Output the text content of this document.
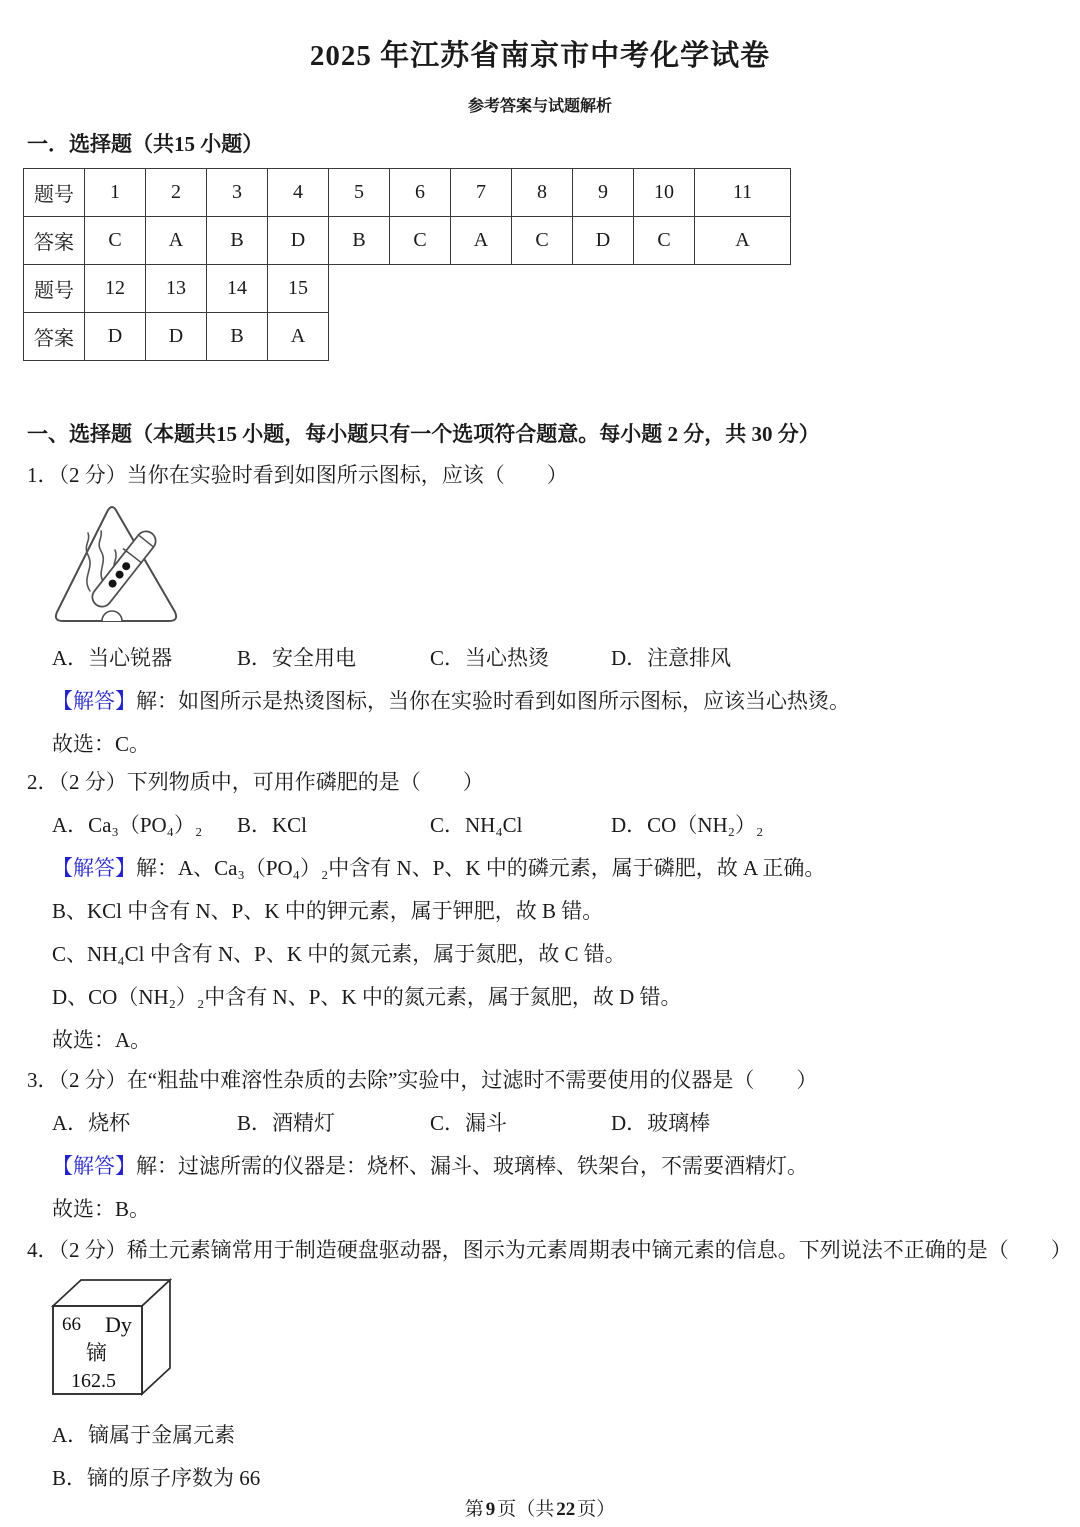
2025 年江苏省南京市中考化学试卷
参考答案与试题解析
一．选择题（共15 小题）
题号	1	2	3	4	5	6	7	8	9	10	11
答案	C	A	B	D	B	C	A	C	D	C	A
题号	12	13	14	15
答案	D	D	B	A
一、选择题（本题共15 小题，每小题只有一个选项符合题意。每小题 2 分，共 30 分）
1．（2 分）当你在实验时看到如图所示图标，应该（　　）
A．当心锐器	B．安全用电	C．当心热烫	D．注意排风
【解答】解：如图所示是热烫图标，当你在实验时看到如图所示图标，应该当心热烫。
故选：C。
2．（2 分）下列物质中，可用作磷肥的是（　　）
A．Ca₃（PO₄）₂ B．KCl	C．NH₄Cl	D．CO（NH₂）₂
【解答】解：A、Ca₃（PO₄）₂中含有 N、P、K 中的磷元素，属于磷肥，故 A 正确。
B、KCl 中含有 N、P、K 中的钾元素，属于钾肥，故 B 错。
C、NH₄Cl 中含有 N、P、K 中的氮元素，属于氮肥，故 C 错。
D、CO（NH₂）₂中含有 N、P、K 中的氮元素，属于氮肥，故 D 错。
故选：A。
3．（2 分）在“粗盐中难溶性杂质的去除”实验中，过滤时不需要使用的仪器是（　　）
A．烧杯	B．酒精灯	C．漏斗	D．玻璃棒
【解答】解：过滤所需的仪器是：烧杯、漏斗、玻璃棒、铁架台，不需要酒精灯。
故选：B。
4．（2 分）稀土元素镝常用于制造硬盘驱动器，图示为元素周期表中镝元素的信息。下列说法不正确的是（　　）
66 Dy
镝
162.5
A．镝属于金属元素
B．镝的原子序数为 66
第 9 页（共 22 页）
